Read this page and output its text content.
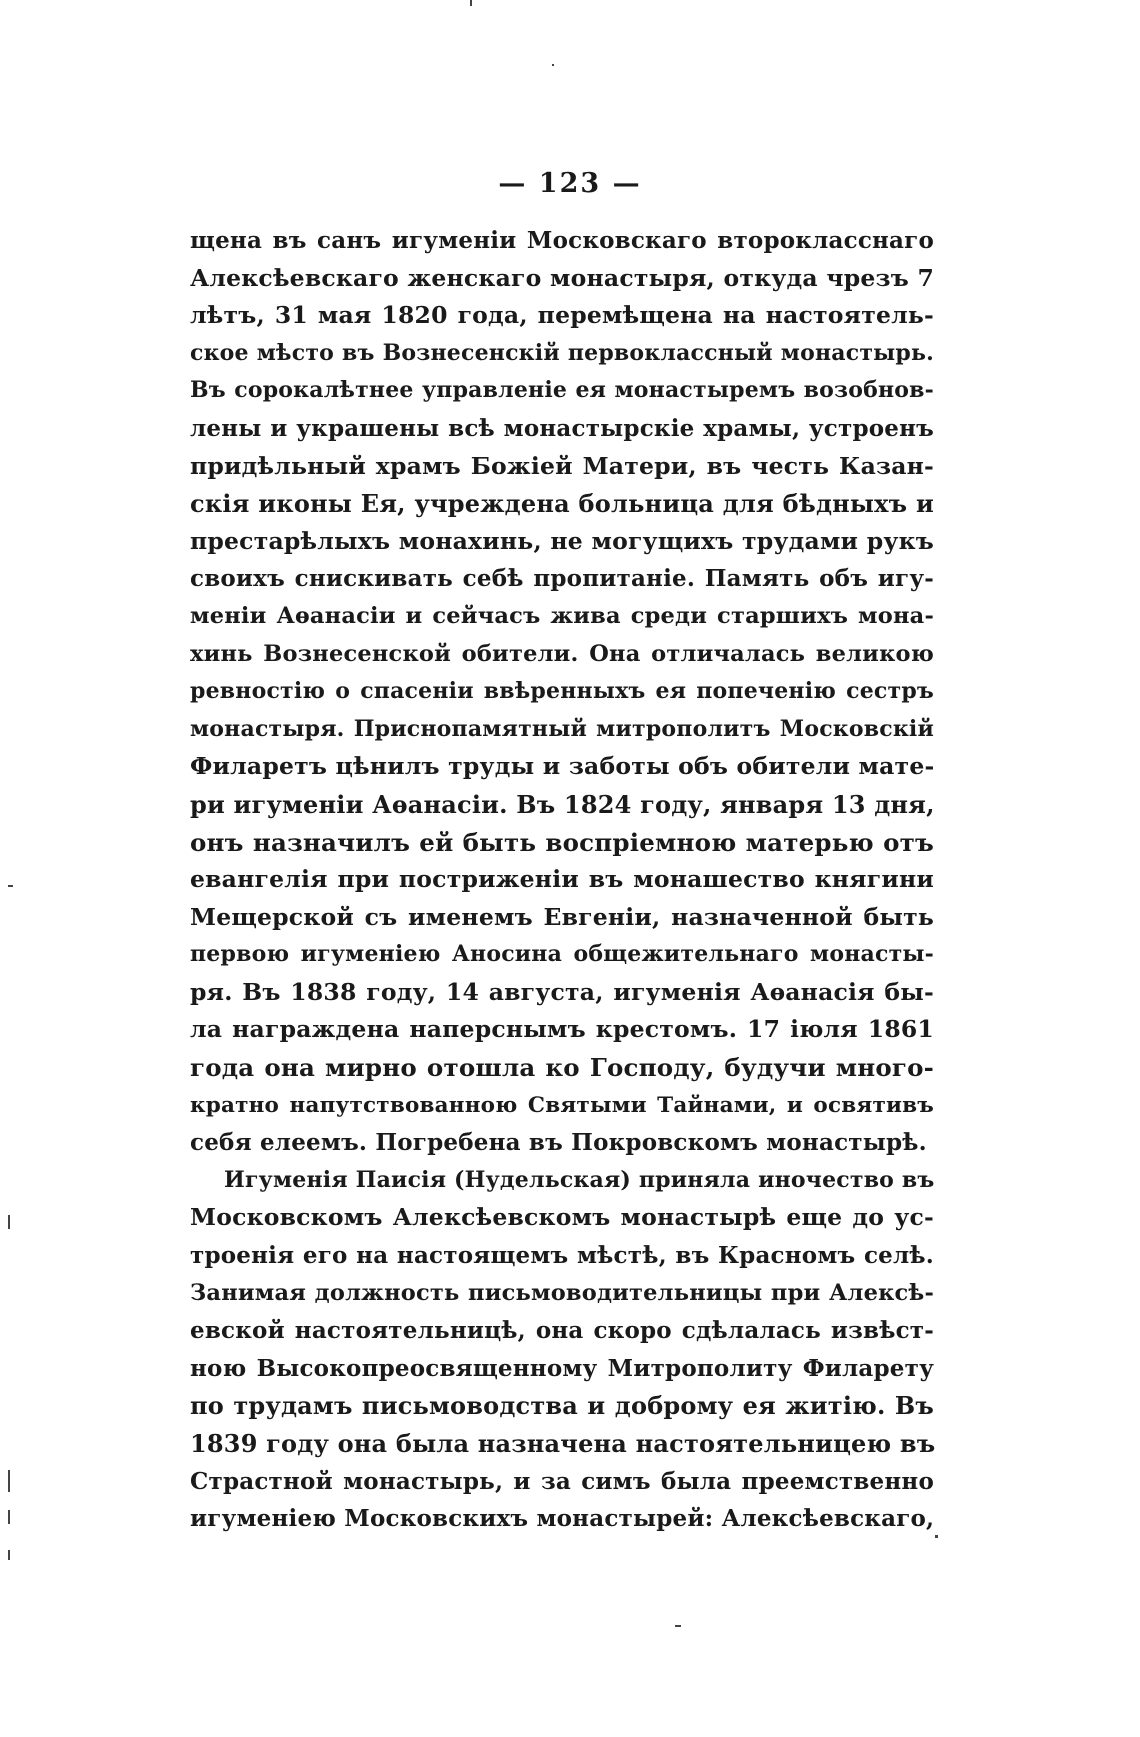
— 123 —
щена въ санъ игуменіи Московскаго второкласснаго
Алексѣевскаго женскаго монастыря, откуда чрезъ 7
лѣтъ, 31 мая 1820 года, перемѣщена на настоятель-
ское мѣсто въ Вознесенскій первоклассный монастырь.
Въ сорокалѣтнее управленіе ея монастыремъ возобнов-
лены и украшены всѣ монастырскіе храмы, устроенъ
придѣльный храмъ Божіей Матери, въ честь Казан-
скія иконы Ея, учреждена больница для бѣдныхъ и
престарѣлыхъ монахинь, не могущихъ трудами рукъ
своихъ снискивать себѣ пропитаніе. Память объ игу-
меніи Аѳанасіи и сейчасъ жива среди старшихъ мона-
хинь Вознесенской обители. Она отличалась великою
ревностію о спасеніи ввѣренныхъ ея попеченію сестръ
монастыря. Приснопамятный митрополитъ Московскій
Филаретъ цѣнилъ труды и заботы объ обители мате-
ри игуменіи Аѳанасіи. Въ 1824 году, января 13 дня,
онъ назначилъ ей быть воспріемною матерью отъ
евангелія при постриженіи въ монашество княгини
Мещерской съ именемъ Евгеніи, назначенной быть
первою игуменіею Аносина общежительнаго монасты-
ря. Въ 1838 году, 14 августа, игуменія Аѳанасія бы-
ла награждена наперснымъ крестомъ. 17 іюля 1861
года она мирно отошла ко Господу, будучи много-
кратно напутствованною Святыми Тайнами, и освятивъ
себя елеемъ. Погребена въ Покровскомъ монастырѣ.
Игуменія Паисія (Нудельская) приняла иночество въ
Московскомъ Алексѣевскомъ монастырѣ еще до ус-
троенія его на настоящемъ мѣстѣ, въ Красномъ селѣ.
Занимая должность письмоводительницы при Алексѣ-
евской настоятельницѣ, она скоро сдѣлалась извѣст-
ною Высокопреосвященному Митрополиту Филарету
по трудамъ письмоводства и доброму ея житію. Въ
1839 году она была назначена настоятельницею въ
Страстной монастырь, и за симъ была преемственно
игуменіею Московскихъ монастырей: Алексѣевскаго,
